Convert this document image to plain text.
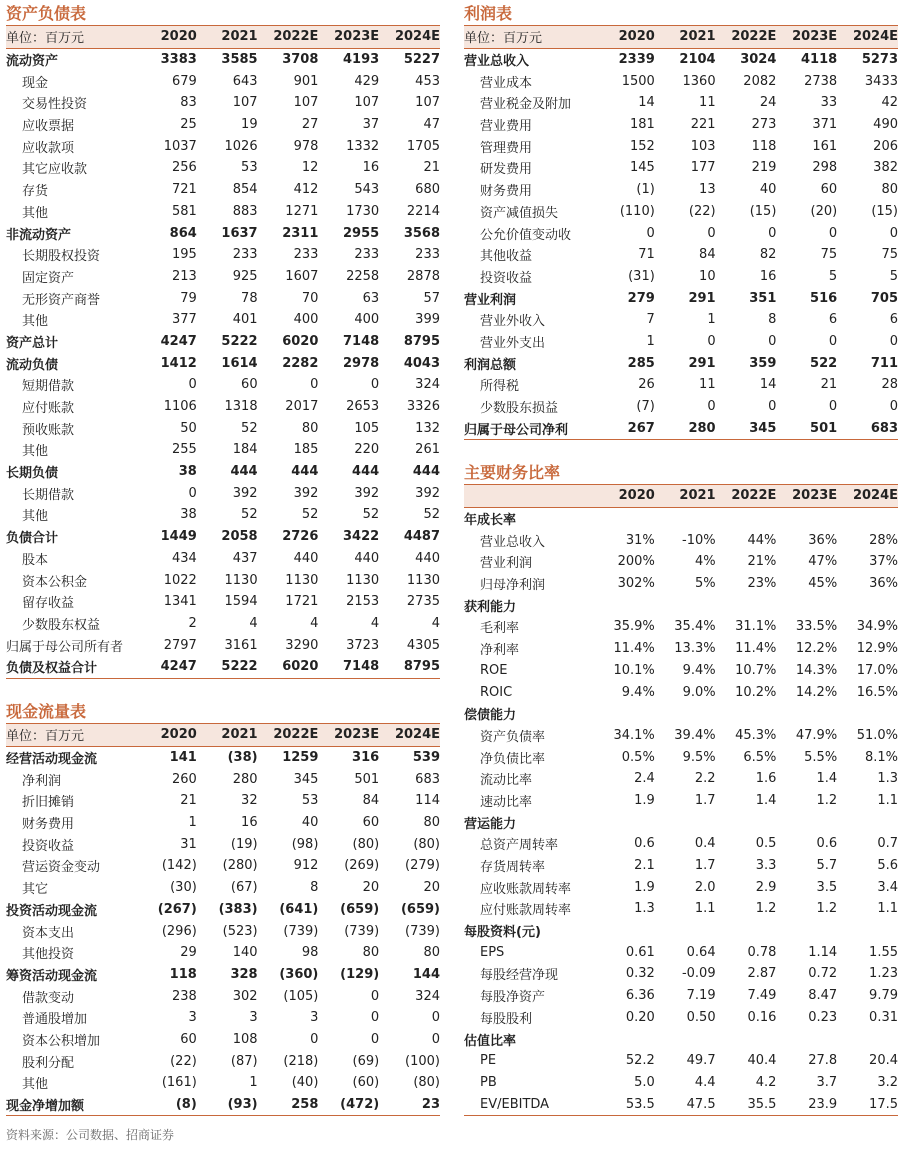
资产负债表
单位：百万元	2020	2021	2022E	2023E	2024E
流动资产	3383	3585	3708	4193	5227
现金	679	643	901	429	453
交易性投资	83	107	107	107	107
应收票据	25	19	27	37	47
应收款项	1037	1026	978	1332	1705
其它应收款	256	53	12	16	21
存货	721	854	412	543	680
其他	581	883	1271	1730	2214
非流动资产	864	1637	2311	2955	3568
长期股权投资	195	233	233	233	233
固定资产	213	925	1607	2258	2878
无形资产商誉	79	78	70	63	57
其他	377	401	400	400	399
资产总计	4247	5222	6020	7148	8795
流动负债	1412	1614	2282	2978	4043
短期借款	0	60	0	0	324
应付账款	1106	1318	2017	2653	3326
预收账款	50	52	80	105	132
其他	255	184	185	220	261
长期负债	38	444	444	444	444
长期借款	0	392	392	392	392
其他	38	52	52	52	52
负债合计	1449	2058	2726	3422	4487
股本	434	437	440	440	440
资本公积金	1022	1130	1130	1130	1130
留存收益	1341	1594	1721	2153	2735
少数股东权益	2	4	4	4	4
归属于母公司所有者	2797	3161	3290	3723	4305
负债及权益合计	4247	5222	6020	7148	8795
现金流量表
单位：百万元	2020	2021	2022E	2023E	2024E
经营活动现金流	141	(38)	1259	316	539
净利润	260	280	345	501	683
折旧摊销	21	32	53	84	114
财务费用	1	16	40	60	80
投资收益	31	(19)	(98)	(80)	(80)
营运资金变动	(142)	(280)	912	(269)	(279)
其它	(30)	(67)	8	20	20
投资活动现金流	(267)	(383)	(641)	(659)	(659)
资本支出	(296)	(523)	(739)	(739)	(739)
其他投资	29	140	98	80	80
筹资活动现金流	118	328	(360)	(129)	144
借款变动	238	302	(105)	0	324
普通股增加	3	3	3	0	0
资本公积增加	60	108	0	0	0
股利分配	(22)	(87)	(218)	(69)	(100)
其他	(161)	1	(40)	(60)	(80)
现金净增加额	(8)	(93)	258	(472)	23
利润表
单位：百万元	2020	2021	2022E	2023E	2024E
营业总收入	2339	2104	3024	4118	5273
营业成本	1500	1360	2082	2738	3433
营业税金及附加	14	11	24	33	42
营业费用	181	221	273	371	490
管理费用	152	103	118	161	206
研发费用	145	177	219	298	382
财务费用	(1)	13	40	60	80
资产减值损失	(110)	(22)	(15)	(20)	(15)
公允价值变动收	0	0	0	0	0
其他收益	71	84	82	75	75
投资收益	(31)	10	16	5	5
营业利润	279	291	351	516	705
营业外收入	7	1	8	6	6
营业外支出	1	0	0	0	0
利润总额	285	291	359	522	711
所得税	26	11	14	21	28
少数股东损益	(7)	0	0	0	0
归属于母公司净利	267	280	345	501	683
主要财务比率
	2020	2021	2022E	2023E	2024E
年成长率					
营业总收入	31%	-10%	44%	36%	28%
营业利润	200%	4%	21%	47%	37%
归母净利润	302%	5%	23%	45%	36%
获利能力					
毛利率	35.9%	35.4%	31.1%	33.5%	34.9%
净利率	11.4%	13.3%	11.4%	12.2%	12.9%
ROE	10.1%	9.4%	10.7%	14.3%	17.0%
ROIC	9.4%	9.0%	10.2%	14.2%	16.5%
偿债能力					
资产负债率	34.1%	39.4%	45.3%	47.9%	51.0%
净负债比率	0.5%	9.5%	6.5%	5.5%	8.1%
流动比率	2.4	2.2	1.6	1.4	1.3
速动比率	1.9	1.7	1.4	1.2	1.1
营运能力					
总资产周转率	0.6	0.4	0.5	0.6	0.7
存货周转率	2.1	1.7	3.3	5.7	5.6
应收账款周转率	1.9	2.0	2.9	3.5	3.4
应付账款周转率	1.3	1.1	1.2	1.2	1.1
每股资料(元)					
EPS	0.61	0.64	0.78	1.14	1.55
每股经营净现	0.32	-0.09	2.87	0.72	1.23
每股净资产	6.36	7.19	7.49	8.47	9.79
每股股利	0.20	0.50	0.16	0.23	0.31
估值比率					
PE	52.2	49.7	40.4	27.8	20.4
PB	5.0	4.4	4.2	3.7	3.2
EV/EBITDA	53.5	47.5	35.5	23.9	17.5
资料来源：公司数据、招商证券
